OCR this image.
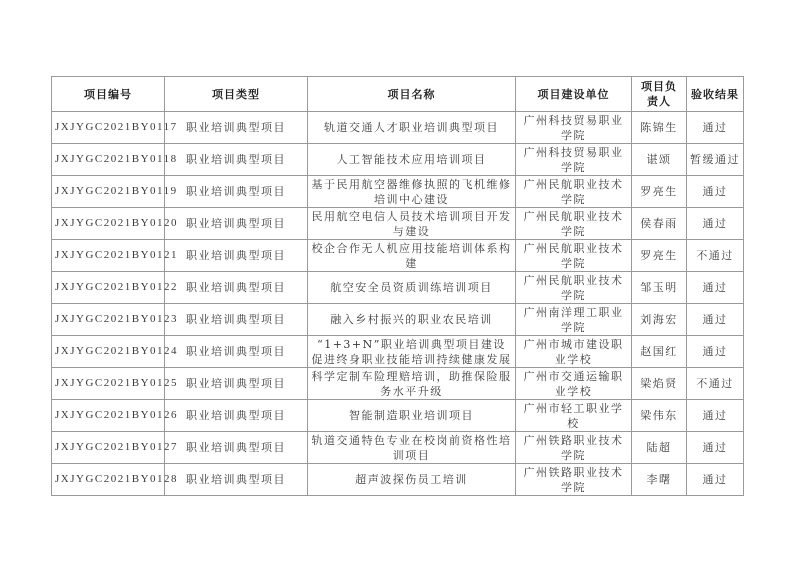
项目编号	项目类型	项目名称	项目建设单位	项目负责人	验收结果
JXJYGC2021BY0117	职业培训典型项目	轨道交通人才职业培训典型项目	广州科技贸易职业学院	陈锦生	通过
JXJYGC2021BY0118	职业培训典型项目	人工智能技术应用培训项目	广州科技贸易职业学院	谌颂	暂缓通过
JXJYGC2021BY0119	职业培训典型项目	基于民用航空器维修执照的飞机维修培训中心建设	广州民航职业技术学院	罗亮生	通过
JXJYGC2021BY0120	职业培训典型项目	民用航空电信人员技术培训项目开发与建设	广州民航职业技术学院	侯春雨	通过
JXJYGC2021BY0121	职业培训典型项目	校企合作无人机应用技能培训体系构建	广州民航职业技术学院	罗亮生	不通过
JXJYGC2021BY0122	职业培训典型项目	航空安全员资质训练培训项目	广州民航职业技术学院	邹玉明	通过
JXJYGC2021BY0123	职业培训典型项目	融入乡村振兴的职业农民培训	广州南洋理工职业学院	刘海宏	通过
JXJYGC2021BY0124	职业培训典型项目	“1+3+N”职业培训典型项目建设促进终身职业技能培训持续健康发展	广州市城市建设职业学校	赵国红	通过
JXJYGC2021BY0125	职业培训典型项目	科学定制车险理赔培训，助推保险服务水平升级	广州市交通运输职业学校	梁焰贤	不通过
JXJYGC2021BY0126	职业培训典型项目	智能制造职业培训项目	广州市轻工职业学校	梁伟东	通过
JXJYGC2021BY0127	职业培训典型项目	轨道交通特色专业在校岗前资格性培训项目	广州铁路职业技术学院	陆超	通过
JXJYGC2021BY0128	职业培训典型项目	超声波探伤员工培训	广州铁路职业技术学院	李曙	通过
